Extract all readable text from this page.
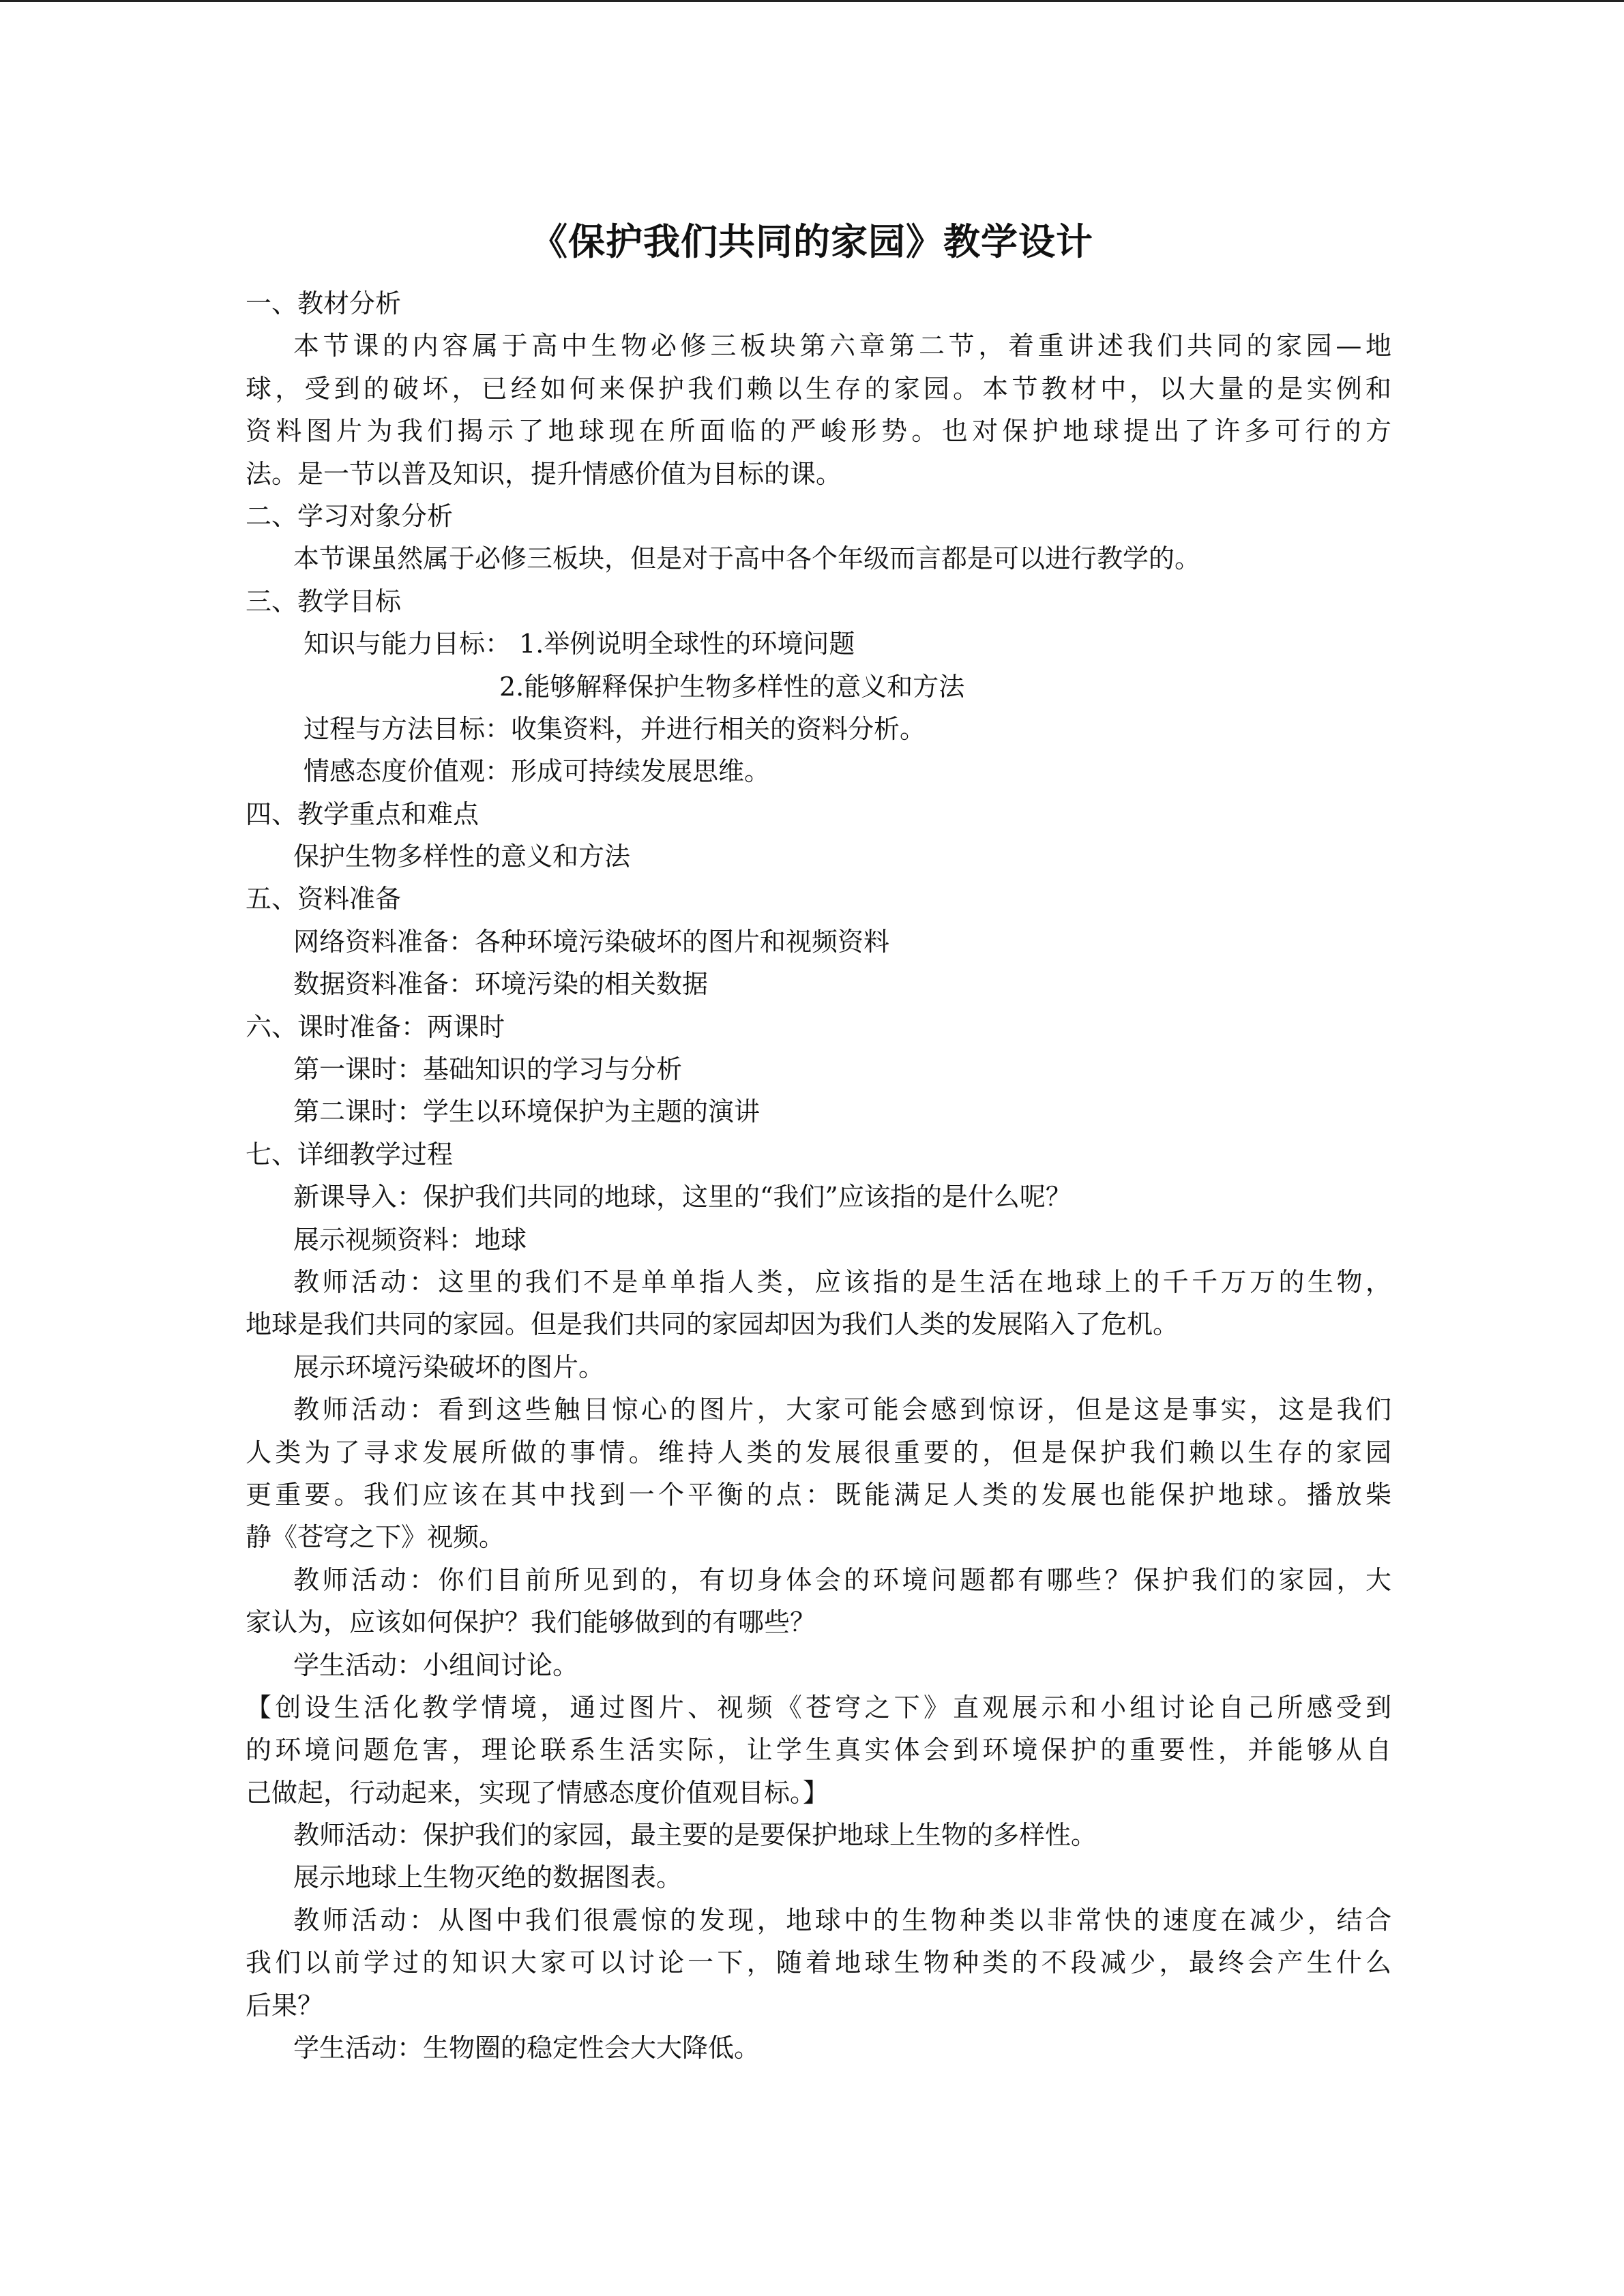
《保护我们共同的家园》教学设计
一、教材分析
本节课的内容属于高中生物必修三板块第六章第二节，着重讲述我们共同的家园—地
球，受到的破坏，已经如何来保护我们赖以生存的家园。本节教材中，以大量的是实例和
资料图片为我们揭示了地球现在所面临的严峻形势。也对保护地球提出了许多可行的方
法。是一节以普及知识，提升情感价值为目标的课。
二、学习对象分析
本节课虽然属于必修三板块，但是对于高中各个年级而言都是可以进行教学的。
三、教学目标
知识与能力目标： 1.举例说明全球性的环境问题
2.能够解释保护生物多样性的意义和方法
过程与方法目标：收集资料，并进行相关的资料分析。
情感态度价值观：形成可持续发展思维。
四、教学重点和难点
保护生物多样性的意义和方法
五、资料准备
网络资料准备：各种环境污染破坏的图片和视频资料
数据资料准备：环境污染的相关数据
六、课时准备：两课时
第一课时：基础知识的学习与分析
第二课时：学生以环境保护为主题的演讲
七、详细教学过程
新课导入：保护我们共同的地球，这里的“我们”应该指的是什么呢？
展示视频资料：地球
教师活动：这里的我们不是单单指人类，应该指的是生活在地球上的千千万万的生物，
地球是我们共同的家园。但是我们共同的家园却因为我们人类的发展陷入了危机。
展示环境污染破坏的图片。
教师活动：看到这些触目惊心的图片，大家可能会感到惊讶，但是这是事实，这是我们
人类为了寻求发展所做的事情。维持人类的发展很重要的，但是保护我们赖以生存的家园
更重要。我们应该在其中找到一个平衡的点：既能满足人类的发展也能保护地球。播放柴
静《苍穹之下》视频。
教师活动：你们目前所见到的，有切身体会的环境问题都有哪些？保护我们的家园，大
家认为，应该如何保护？我们能够做到的有哪些？
学生活动：小组间讨论。
【创设生活化教学情境，通过图片、视频《苍穹之下》直观展示和小组讨论自己所感受到
的环境问题危害，理论联系生活实际，让学生真实体会到环境保护的重要性，并能够从自
己做起，行动起来，实现了情感态度价值观目标。】
教师活动：保护我们的家园，最主要的是要保护地球上生物的多样性。
展示地球上生物灭绝的数据图表。
教师活动：从图中我们很震惊的发现，地球中的生物种类以非常快的速度在减少，结合
我们以前学过的知识大家可以讨论一下，随着地球生物种类的不段减少，最终会产生什么
后果？
学生活动：生物圈的稳定性会大大降低。
